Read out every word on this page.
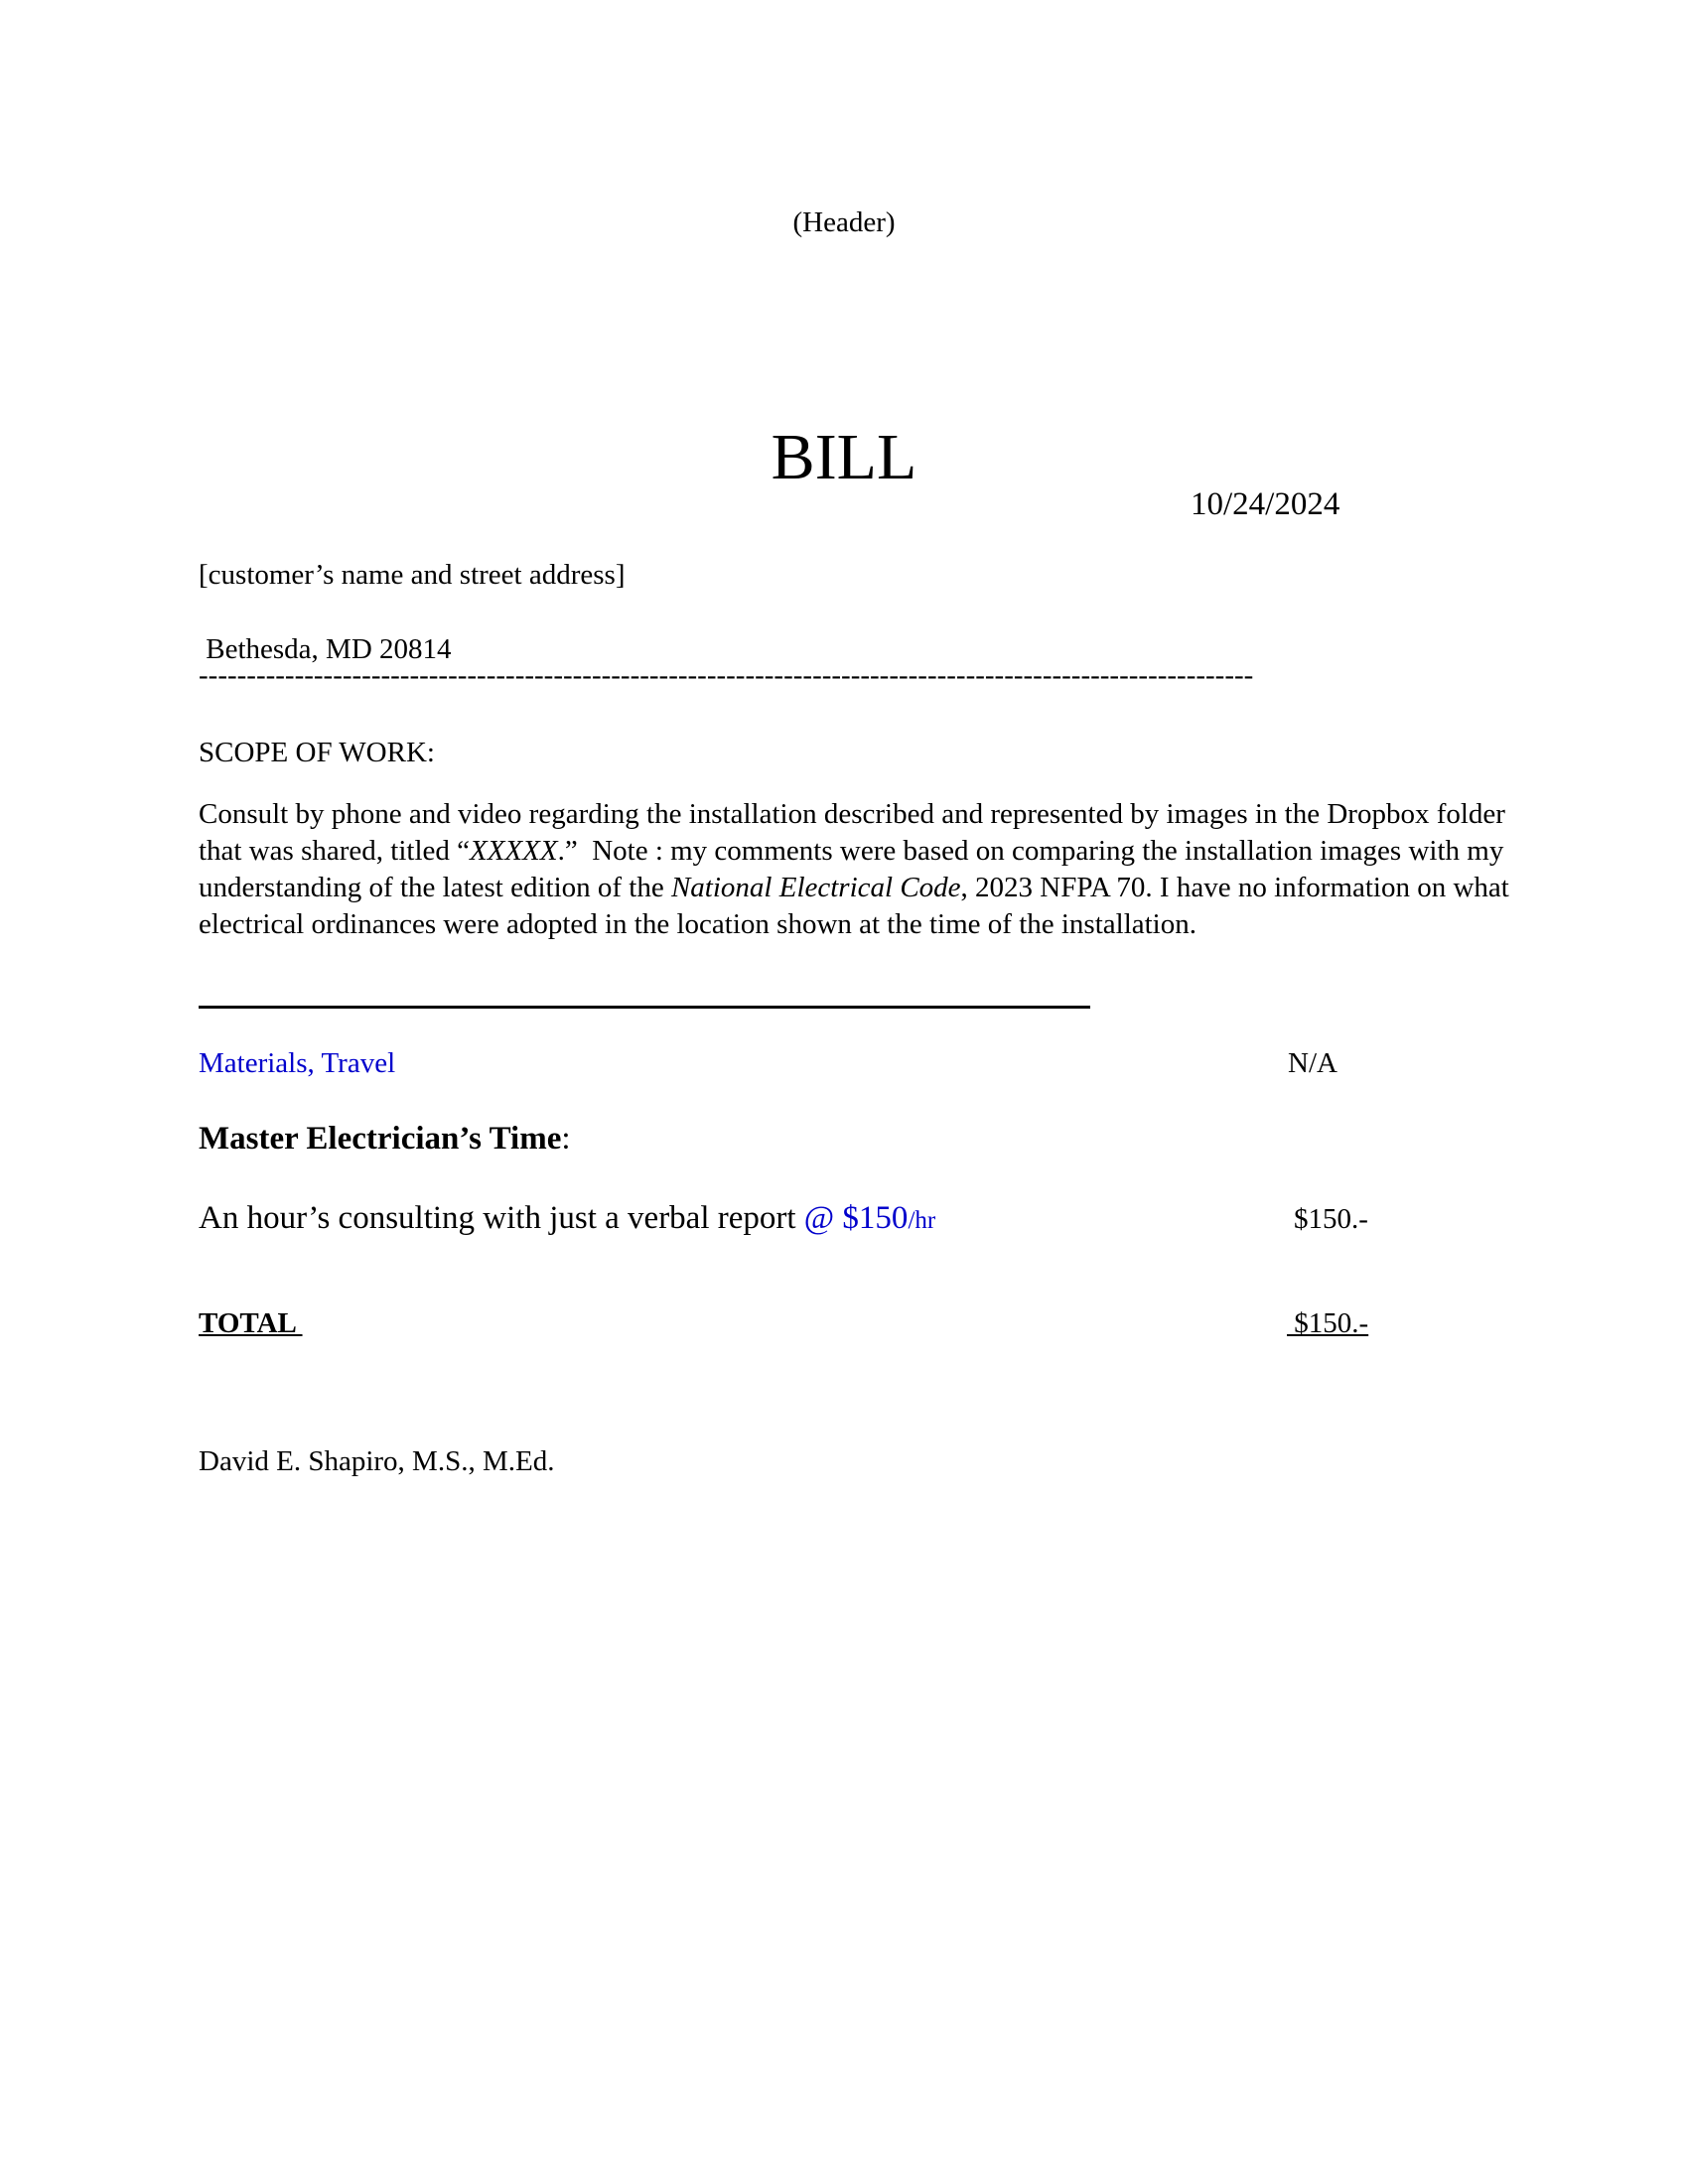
(Header)
BILL
10/24/2024
[customer’s name and street address]
Bethesda, MD 20814
--------------------------------------------------------------------------------------------------------------
SCOPE OF WORK:
Consult by phone and video regarding the installation described and represented by images in the Dropbox folder
that was shared, titled “XXXXX.”  Note : my comments were based on comparing the installation images with my
understanding of the latest edition of the National Electrical Code, 2023 NFPA 70. I have no information on what
electrical ordinances were adopted in the location shown at the time of the installation.
Materials, Travel	N/A
Master Electrician’s Time:
An hour’s consulting with just a verbal report @ $150/hr	$150.-
TOTAL	$150.-
David E. Shapiro, M.S., M.Ed.
